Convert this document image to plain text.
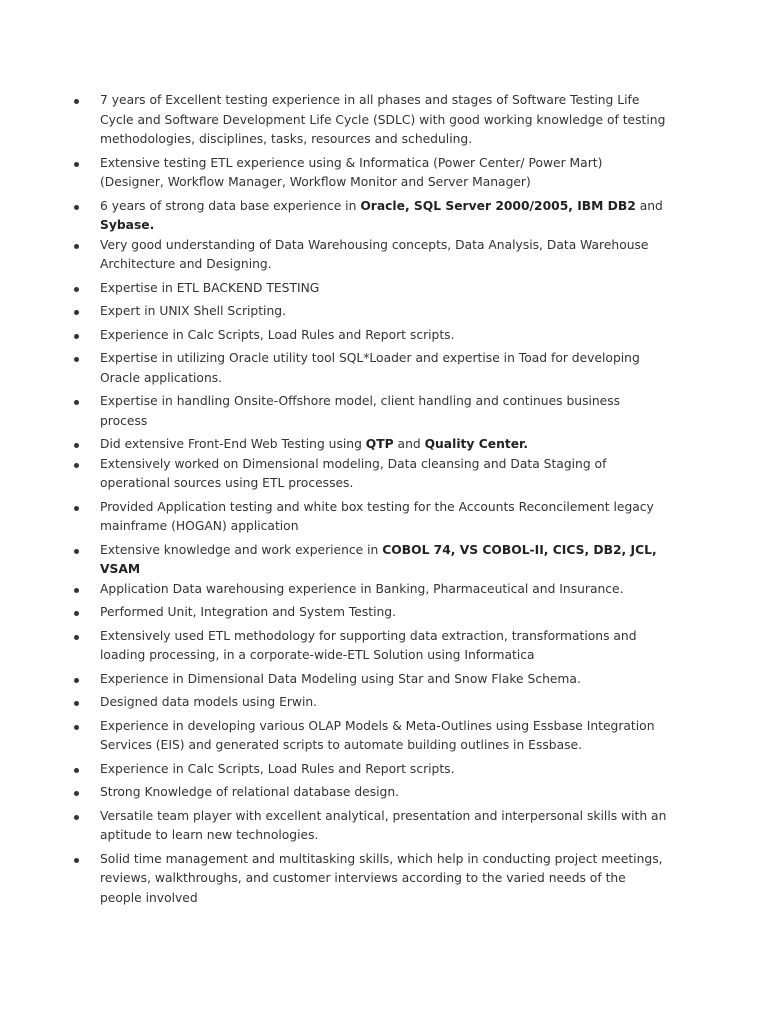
7 years of Excellent testing experience in all phases and stages of Software Testing Life Cycle and Software Development Life Cycle (SDLC) with good working knowledge of testing methodologies, disciplines, tasks, resources and scheduling.
Extensive testing ETL experience using & Informatica (Power Center/ Power Mart) (Designer, Workflow Manager, Workflow Monitor and Server Manager)
6 years of strong data base experience in Oracle, SQL Server 2000/2005, IBM DB2 and Sybase.
Very good understanding of Data Warehousing concepts, Data Analysis, Data Warehouse Architecture and Designing.
Expertise in ETL BACKEND TESTING
Expert in UNIX Shell Scripting.
Experience in Calc Scripts, Load Rules and Report scripts.
Expertise in utilizing Oracle utility tool SQL*Loader and expertise in Toad for developing Oracle applications.
Expertise in handling Onsite-Offshore model, client handling and continues business process
Did extensive Front-End Web Testing using QTP and Quality Center.
Extensively worked on Dimensional modeling, Data cleansing and Data Staging of operational sources using ETL processes.
Provided Application testing and white box testing for the Accounts Reconcilement legacy mainframe (HOGAN) application
Extensive knowledge and work experience in COBOL 74, VS COBOL-II, CICS, DB2, JCL, VSAM
Application Data warehousing experience in Banking, Pharmaceutical and Insurance.
Performed Unit, Integration and System Testing.
Extensively used ETL methodology for supporting data extraction, transformations and loading processing, in a corporate-wide-ETL Solution using Informatica
Experience in Dimensional Data Modeling using Star and Snow Flake Schema.
Designed data models using Erwin.
Experience in developing various OLAP Models & Meta-Outlines using Essbase Integration Services (EIS) and generated scripts to automate building outlines in Essbase.
Experience in Calc Scripts, Load Rules and Report scripts.
Strong Knowledge of relational database design.
Versatile team player with excellent analytical, presentation and interpersonal skills with an aptitude to learn new technologies.
Solid time management and multitasking skills, which help in conducting project meetings, reviews, walkthroughs, and customer interviews according to the varied needs of the people involved
